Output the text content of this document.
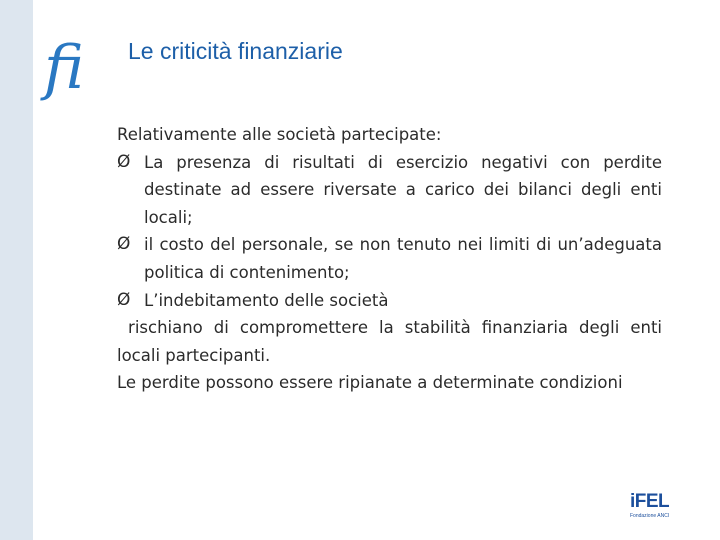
fi Le criticità finanziarie

Relativamente alle società partecipate:

Ø La presenza di risultati di esercizio negativi con perdite destinate ad essere riversate a carico dei bilanci degli enti locali;
Ø il costo del personale, se non tenuto nei limiti di un’adeguata politica di contenimento;
Ø L’indebitamento delle società

rischiano di compromettere la stabilità finanziaria degli enti locali partecipanti.

Le perdite possono essere ripianate a determinate condizioni

iFEL
Fondazione ANCI
